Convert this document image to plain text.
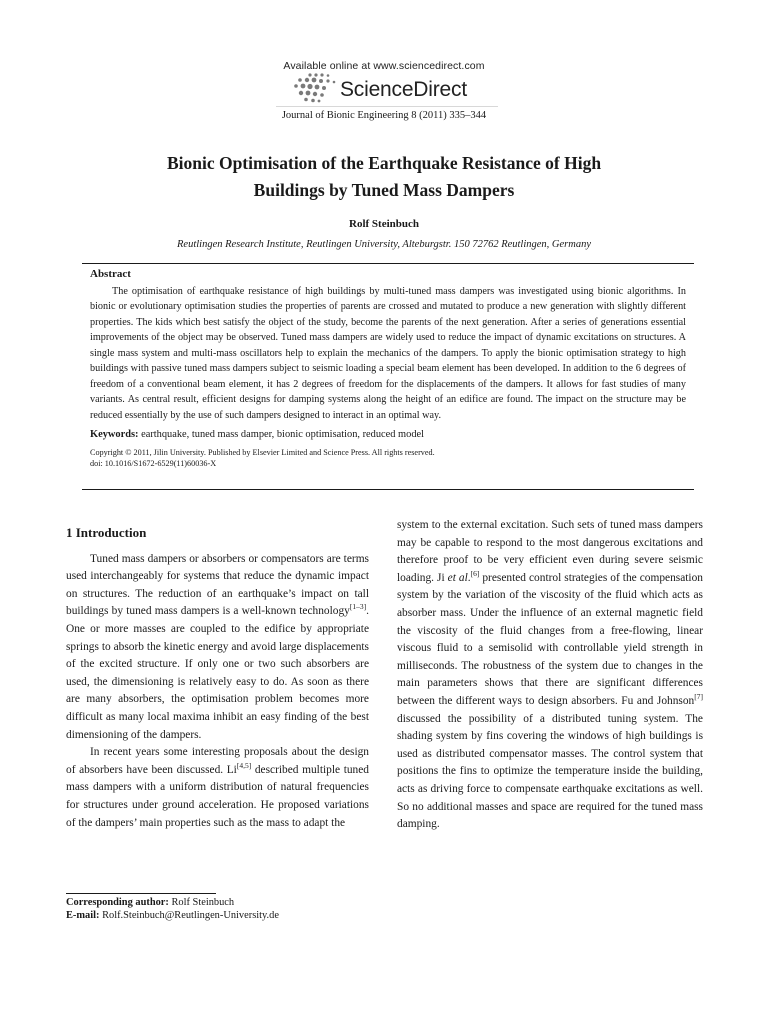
Available online at www.sciencedirect.com
ScienceDirect
Journal of Bionic Engineering 8 (2011) 335–344
Bionic Optimisation of the Earthquake Resistance of High
Buildings by Tuned Mass Dampers
Rolf Steinbuch
Reutlingen Research Institute, Reutlingen University, Alteburgstr. 150 72762 Reutlingen, Germany
Abstract
The optimisation of earthquake resistance of high buildings by multi-tuned mass dampers was investigated using bionic algorithms. In bionic or evolutionary optimisation studies the properties of parents are crossed and mutated to produce a new generation with slightly different properties. The kids which best satisfy the object of the study, become the parents of the next generation. After a series of generations essential improvements of the object may be observed. Tuned mass dampers are widely used to reduce the impact of dynamic excitations on structures. A single mass system and multi-mass oscillators help to explain the mechanics of the dampers. To apply the bionic optimisation strategy to high buildings with passive tuned mass dampers subject to seismic loading a special beam element has been developed. In addition to the 6 degrees of freedom of a conventional beam element, it has 2 degrees of freedom for the displacements of the dampers. It allows for fast studies of many variants. As central result, efficient designs for damping systems along the height of an edifice are found. The impact on the structure may be reduced essentially by the use of such dampers designed to interact in an optimal way.
Keywords: earthquake, tuned mass damper, bionic optimisation, reduced model
Copyright © 2011, Jilin University. Published by Elsevier Limited and Science Press. All rights reserved.
doi: 10.1016/S1672-6529(11)60036-X
1 Introduction

Tuned mass dampers or absorbers or compensators are terms used interchangeably for systems that reduce the dynamic impact on structures. The reduction of an earthquake’s impact on tall buildings by tuned mass dampers is a well-known technology[1–3]. One or more masses are coupled to the edifice by appropriate springs to absorb the kinetic energy and avoid large displacements of the excited structure. If only one or two such absorbers are used, the dimensioning is relatively easy to do. As soon as there are many absorbers, the optimisation problem becomes more difficult as many local maxima inhibit an easy finding of the best dimensioning of the dampers.

In recent years some interesting proposals about the design of absorbers have been discussed. Li[4,5] described multiple tuned mass dampers with a uniform distribution of natural frequencies for structures under ground acceleration. He proposed variations of the dampers’ main properties such as the mass to adapt the

system to the external excitation. Such sets of tuned mass dampers may be capable to respond to the most dangerous excitations and therefore proof to be very efficient even during severe seismic loading. Ji et al.[6] presented control strategies of the compensation system by the variation of the viscosity of the fluid which acts as absorber mass. Under the influence of an external magnetic field the viscosity of the fluid changes from a free-flowing, linear viscous fluid to a semisolid with controllable yield strength in milliseconds. The robustness of the system due to changes in the main parameters shows that there are significant differences between the different ways to design absorbers. Fu and Johnson[7] discussed the possibility of a distributed tuning system. The shading system by fins covering the windows of high buildings is used as distributed compensator masses. The control system that positions the fins to optimize the temperature inside the building, acts as driving force to compensate earthquake excitations as well. So no additional masses and space are required for the tuned mass damping.

Corresponding author: Rolf Steinbuch
E-mail: Rolf.Steinbuch@Reutlingen-University.de
